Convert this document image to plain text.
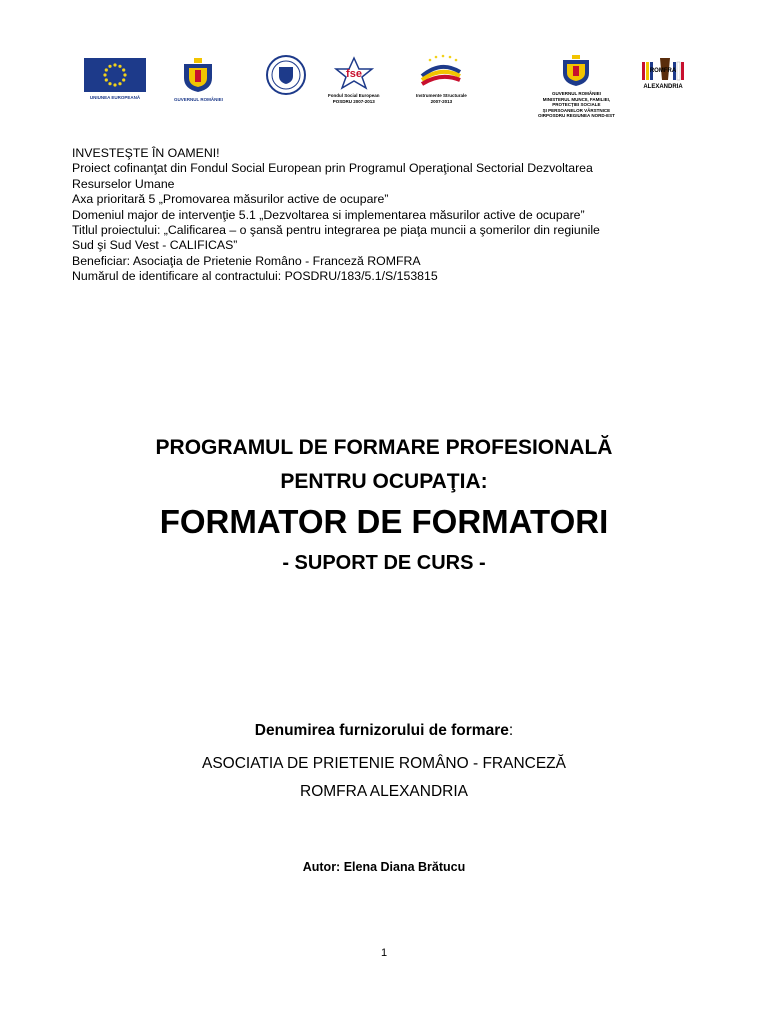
UNIUNEA EUROPEANĂ	GUVERNUL ROMÂNIEI
fse
Fondul Social European
POSDRU 2007-2013
Instrumente Structurale
2007-2013
GUVERNUL ROMÂNIEI
MINISTERUL MUNCII, FAMILIEI,
PROTECȚIEI SOCIALE
ȘI PERSOANELOR VÂRSTNICE
OIRPOSDRU REGIUNEA NORD-EST
ROMFRA
ALEXANDRIA
INVESTEŞTE ÎN OAMENI!
Proiect cofinanţat din Fondul Social European prin Programul Operaţional Sectorial Dezvoltarea
Resurselor Umane
Axa prioritară 5 „Promovarea măsurilor active de ocupare”
Domeniul major de intervenţie 5.1 „Dezvoltarea si implementarea măsurilor active de ocupare”
Titlul proiectului: „Calificarea – o şansă pentru integrarea pe piaţa muncii a şomerilor din regiunile
Sud şi Sud Vest - CALIFICAS”
Beneficiar: Asociaţia de Prietenie Româno - Franceză ROMFRA
Numărul de identificare al contractului: POSDRU/183/5.1/S/153815
PROGRAMUL DE FORMARE PROFESIONALĂ
PENTRU OCUPAŢIA:
FORMATOR DE FORMATORI
- SUPORT DE CURS -
Denumirea furnizorului de formare:
ASOCIATIA DE PRIETENIE ROMÂNO - FRANCEZĂ
ROMFRA ALEXANDRIA
Autor: Elena Diana Brătucu
1
